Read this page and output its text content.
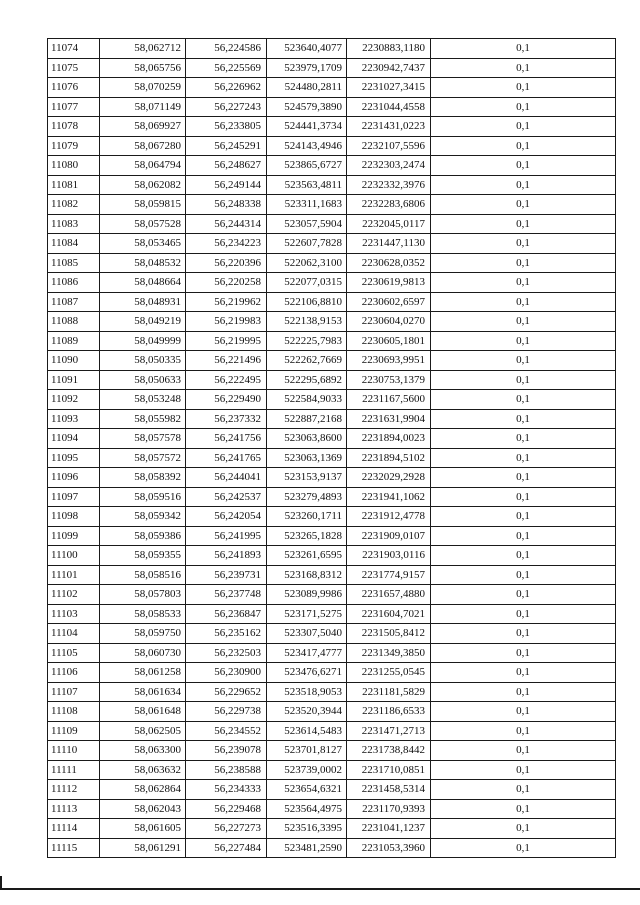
11074	58,062712	56,224586	523640,4077	2230883,1180	0,1
11075	58,065756	56,225569	523979,1709	2230942,7437	0,1
11076	58,070259	56,226962	524480,2811	2231027,3415	0,1
11077	58,071149	56,227243	524579,3890	2231044,4558	0,1
11078	58,069927	56,233805	524441,3734	2231431,0223	0,1
11079	58,067280	56,245291	524143,4946	2232107,5596	0,1
11080	58,064794	56,248627	523865,6727	2232303,2474	0,1
11081	58,062082	56,249144	523563,4811	2232332,3976	0,1
11082	58,059815	56,248338	523311,1683	2232283,6806	0,1
11083	58,057528	56,244314	523057,5904	2232045,0117	0,1
11084	58,053465	56,234223	522607,7828	2231447,1130	0,1
11085	58,048532	56,220396	522062,3100	2230628,0352	0,1
11086	58,048664	56,220258	522077,0315	2230619,9813	0,1
11087	58,048931	56,219962	522106,8810	2230602,6597	0,1
11088	58,049219	56,219983	522138,9153	2230604,0270	0,1
11089	58,049999	56,219995	522225,7983	2230605,1801	0,1
11090	58,050335	56,221496	522262,7669	2230693,9951	0,1
11091	58,050633	56,222495	522295,6892	2230753,1379	0,1
11092	58,053248	56,229490	522584,9033	2231167,5600	0,1
11093	58,055982	56,237332	522887,2168	2231631,9904	0,1
11094	58,057578	56,241756	523063,8600	2231894,0023	0,1
11095	58,057572	56,241765	523063,1369	2231894,5102	0,1
11096	58,058392	56,244041	523153,9137	2232029,2928	0,1
11097	58,059516	56,242537	523279,4893	2231941,1062	0,1
11098	58,059342	56,242054	523260,1711	2231912,4778	0,1
11099	58,059386	56,241995	523265,1828	2231909,0107	0,1
11100	58,059355	56,241893	523261,6595	2231903,0116	0,1
11101	58,058516	56,239731	523168,8312	2231774,9157	0,1
11102	58,057803	56,237748	523089,9986	2231657,4880	0,1
11103	58,058533	56,236847	523171,5275	2231604,7021	0,1
11104	58,059750	56,235162	523307,5040	2231505,8412	0,1
11105	58,060730	56,232503	523417,4777	2231349,3850	0,1
11106	58,061258	56,230900	523476,6271	2231255,0545	0,1
11107	58,061634	56,229652	523518,9053	2231181,5829	0,1
11108	58,061648	56,229738	523520,3944	2231186,6533	0,1
11109	58,062505	56,234552	523614,5483	2231471,2713	0,1
11110	58,063300	56,239078	523701,8127	2231738,8442	0,1
11111	58,063632	56,238588	523739,0002	2231710,0851	0,1
11112	58,062864	56,234333	523654,6321	2231458,5314	0,1
11113	58,062043	56,229468	523564,4975	2231170,9393	0,1
11114	58,061605	56,227273	523516,3395	2231041,1237	0,1
11115	58,061291	56,227484	523481,2590	2231053,3960	0,1
